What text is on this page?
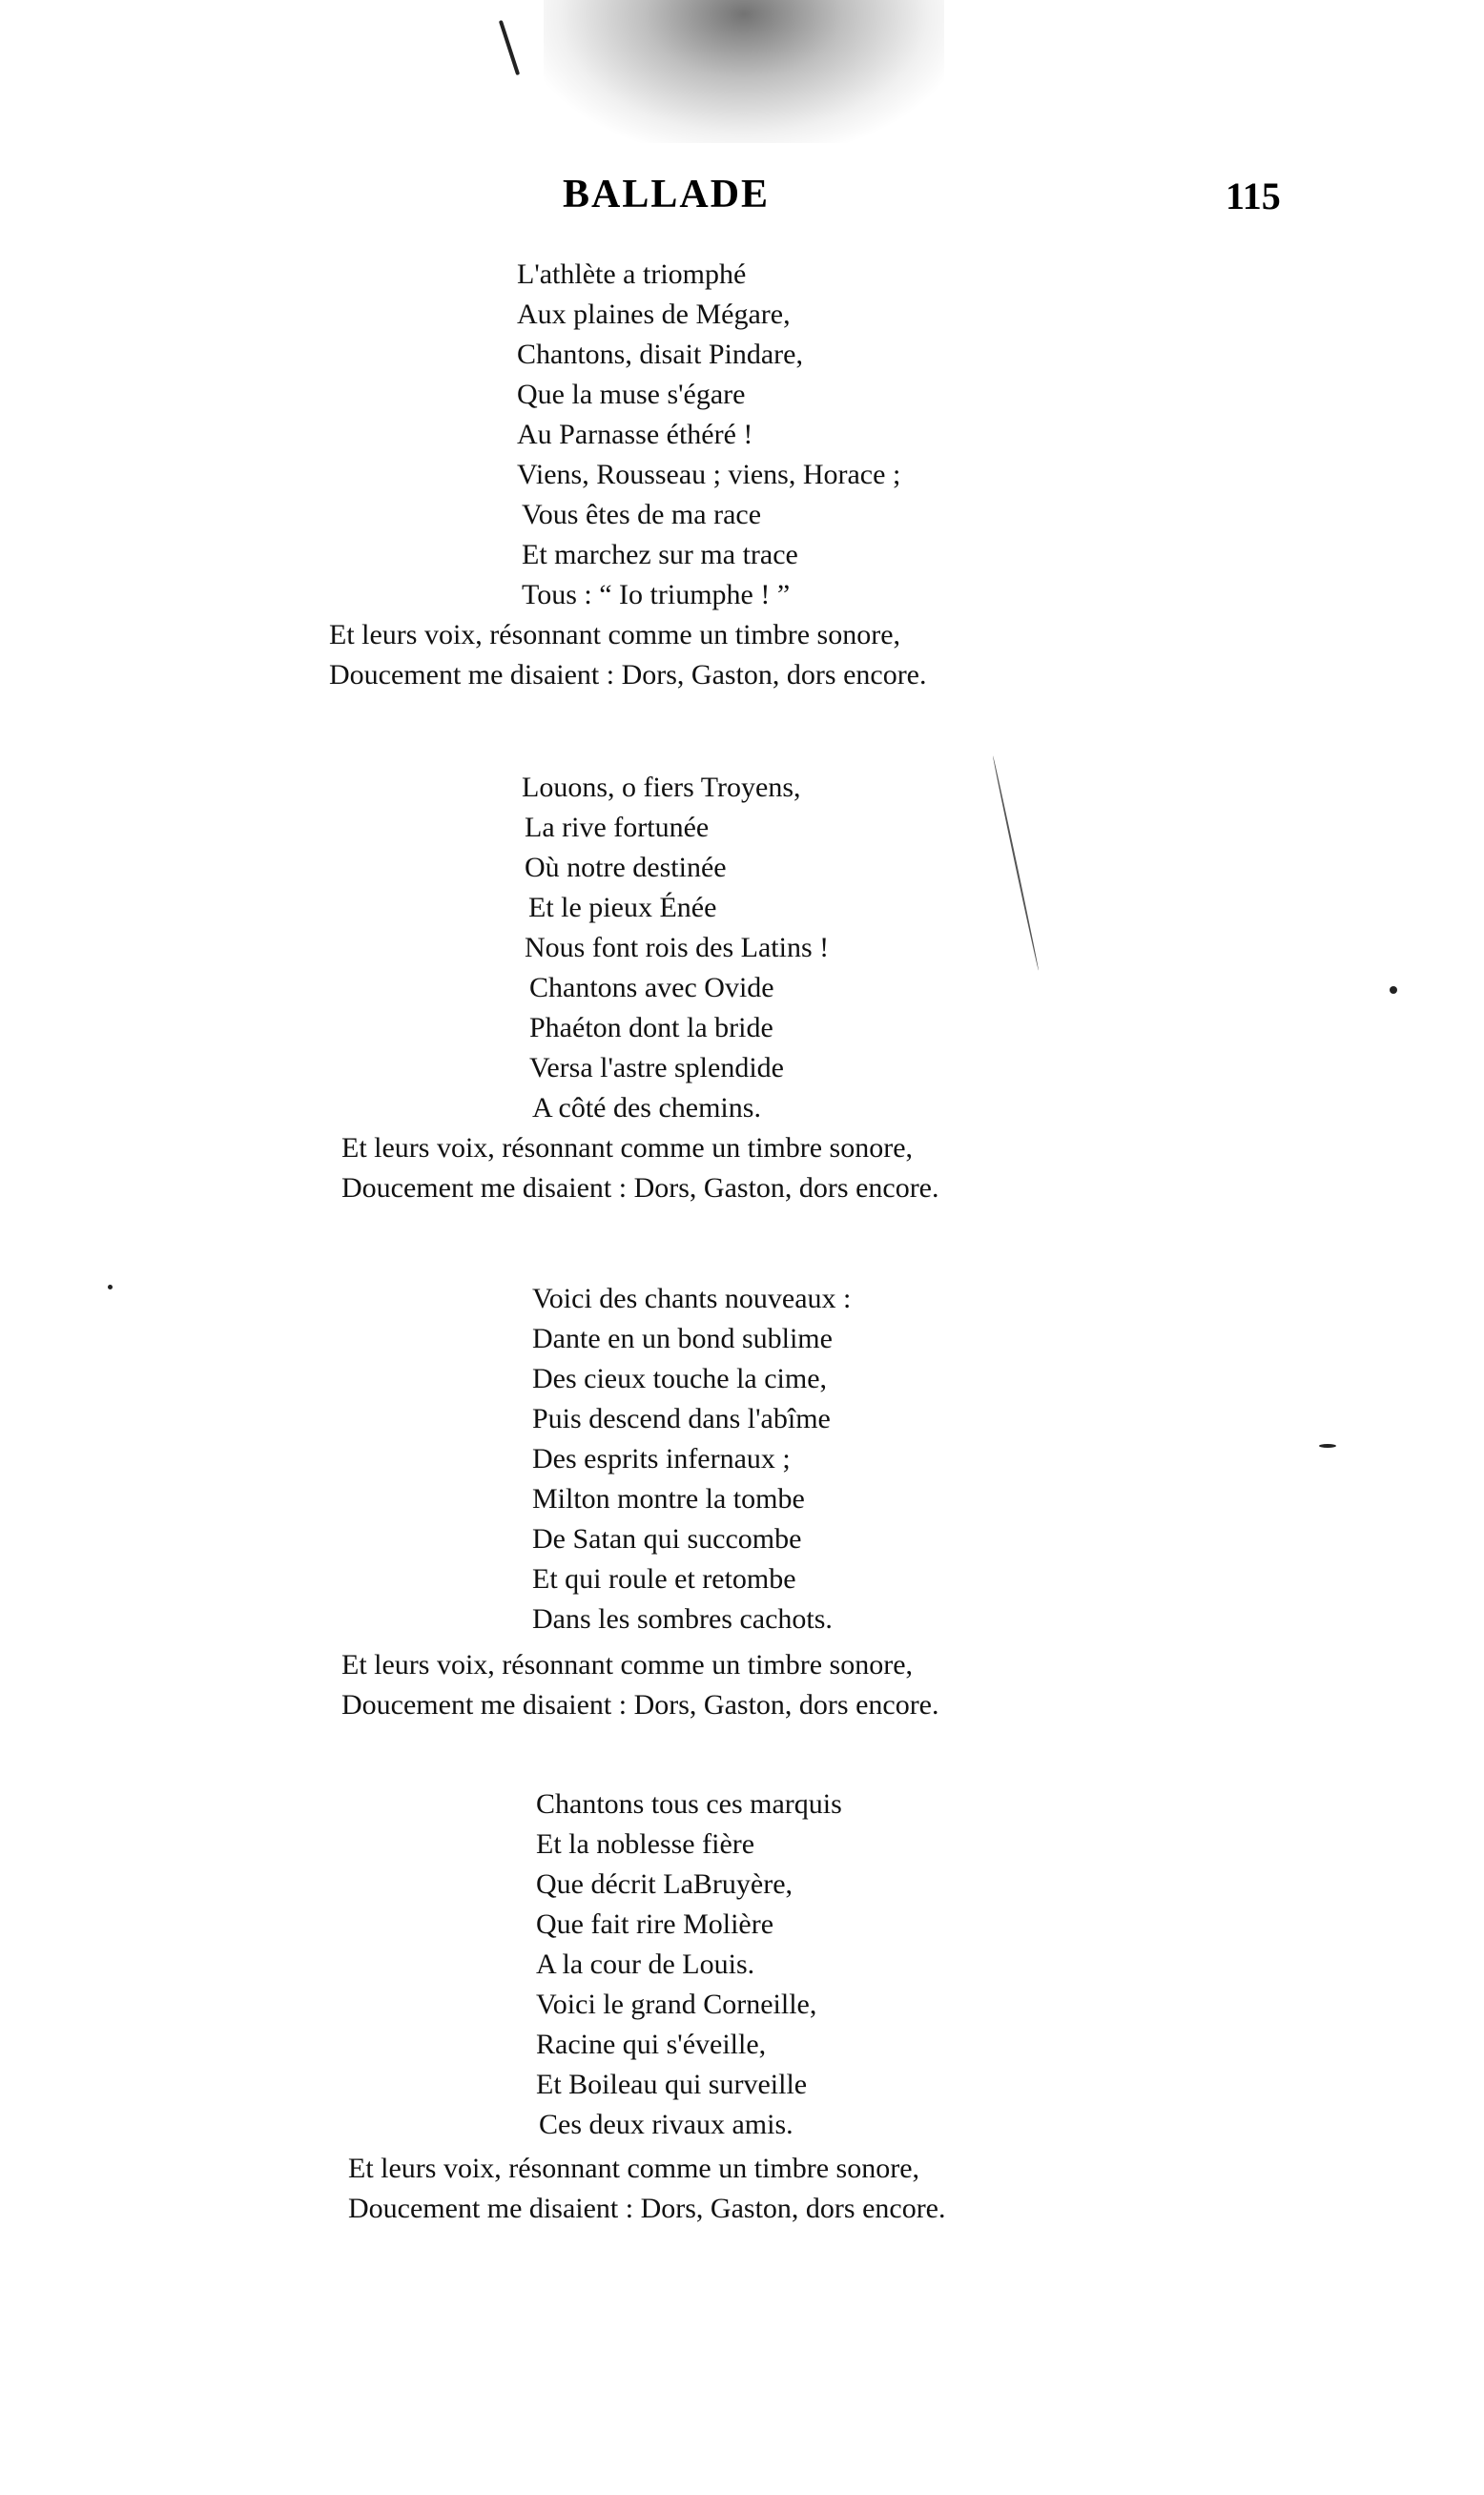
BALLADE	115
L'athlète a triomphé
Aux plaines de Mégare,
Chantons, disait Pindare,
Que la muse s'égare
Au Parnasse éthéré !
Viens, Rousseau ; viens, Horace ;
Vous êtes de ma race
Et marchez sur ma trace
Tous : “ Io triumphe ! ”
Et leurs voix, résonnant comme un timbre sonore,
Doucement me disaient : Dors, Gaston, dors encore.
Louons, o fiers Troyens,
La rive fortunée
Où notre destinée
Et le pieux Énée
Nous font rois des Latins !
Chantons avec Ovide
Phaéton dont la bride
Versa l'astre splendide
A côté des chemins.
Et leurs voix, résonnant comme un timbre sonore,
Doucement me disaient : Dors, Gaston, dors encore.
Voici des chants nouveaux :
Dante en un bond sublime
Des cieux touche la cime,
Puis descend dans l'abîme
Des esprits infernaux ;
Milton montre la tombe
De Satan qui succombe
Et qui roule et retombe
Dans les sombres cachots.
Et leurs voix, résonnant comme un timbre sonore,
Doucement me disaient : Dors, Gaston, dors encore.
Chantons tous ces marquis
Et la noblesse fière
Que décrit LaBruyère,
Que fait rire Molière
A la cour de Louis.
Voici le grand Corneille,
Racine qui s'éveille,
Et Boileau qui surveille
Ces deux rivaux amis.
Et leurs voix, résonnant comme un timbre sonore,
Doucement me disaient : Dors, Gaston, dors encore.
